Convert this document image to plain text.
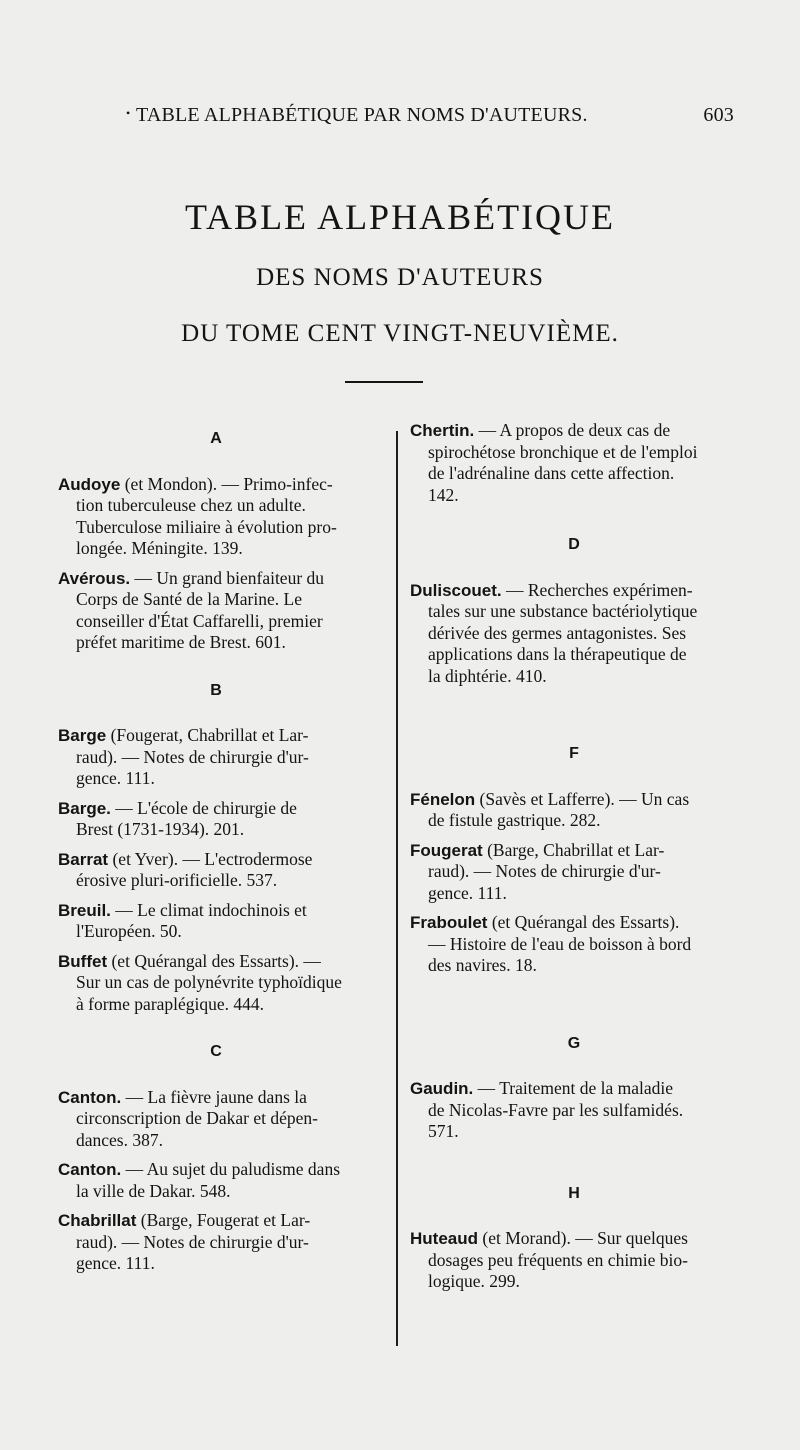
• TABLE ALPHABÉTIQUE PAR NOMS D'AUTEURS.	603
TABLE ALPHABÉTIQUE
DES NOMS D'AUTEURS
DU TOME CENT VINGT-NEUVIÈME.
A
Audoye (et Mondon). — Primo-infec-
tion tuberculeuse chez un adulte.
Tuberculose miliaire à évolution pro-
longée. Méningite. 139.
Avérous. — Un grand bienfaiteur du
Corps de Santé de la Marine. Le
conseiller d'État Caffarelli, premier
préfet maritime de Brest. 601.
B
Barge (Fougerat, Chabrillat et Lar-
raud). — Notes de chirurgie d'ur-
gence. 111.
Barge. — L'école de chirurgie de
Brest (1731-1934). 201.
Barrat (et Yver). — L'ectrodermose
érosive pluri-orificielle. 537.
Breuil. — Le climat indochinois et
l'Européen. 50.
Buffet (et Quérangal des Essarts). —
Sur un cas de polynévrite typhoïdique
à forme paraplégique. 444.
C
Canton. — La fièvre jaune dans la
circonscription de Dakar et dépen-
dances. 387.
Canton. — Au sujet du paludisme dans
la ville de Dakar. 548.
Chabrillat (Barge, Fougerat et Lar-
raud). — Notes de chirurgie d'ur-
gence. 111.
Chertin. — A propos de deux cas de
spirochétose bronchique et de l'emploi
de l'adrénaline dans cette affection.
142.
D
Duliscouet. — Recherches expérimen-
tales sur une substance bactériolytique
dérivée des germes antagonistes. Ses
applications dans la thérapeutique de
la diphtérie. 410.
F
Fénelon (Savès et Lafferre). — Un cas
de fistule gastrique. 282.
Fougerat (Barge, Chabrillat et Lar-
raud). — Notes de chirurgie d'ur-
gence. 111.
Fraboulet (et Quérangal des Essarts).
— Histoire de l'eau de boisson à bord
des navires. 18.
G
Gaudin. — Traitement de la maladie
de Nicolas-Favre par les sulfamidés.
571.
H
Huteaud (et Morand). — Sur quelques
dosages peu fréquents en chimie bio-
logique. 299.
